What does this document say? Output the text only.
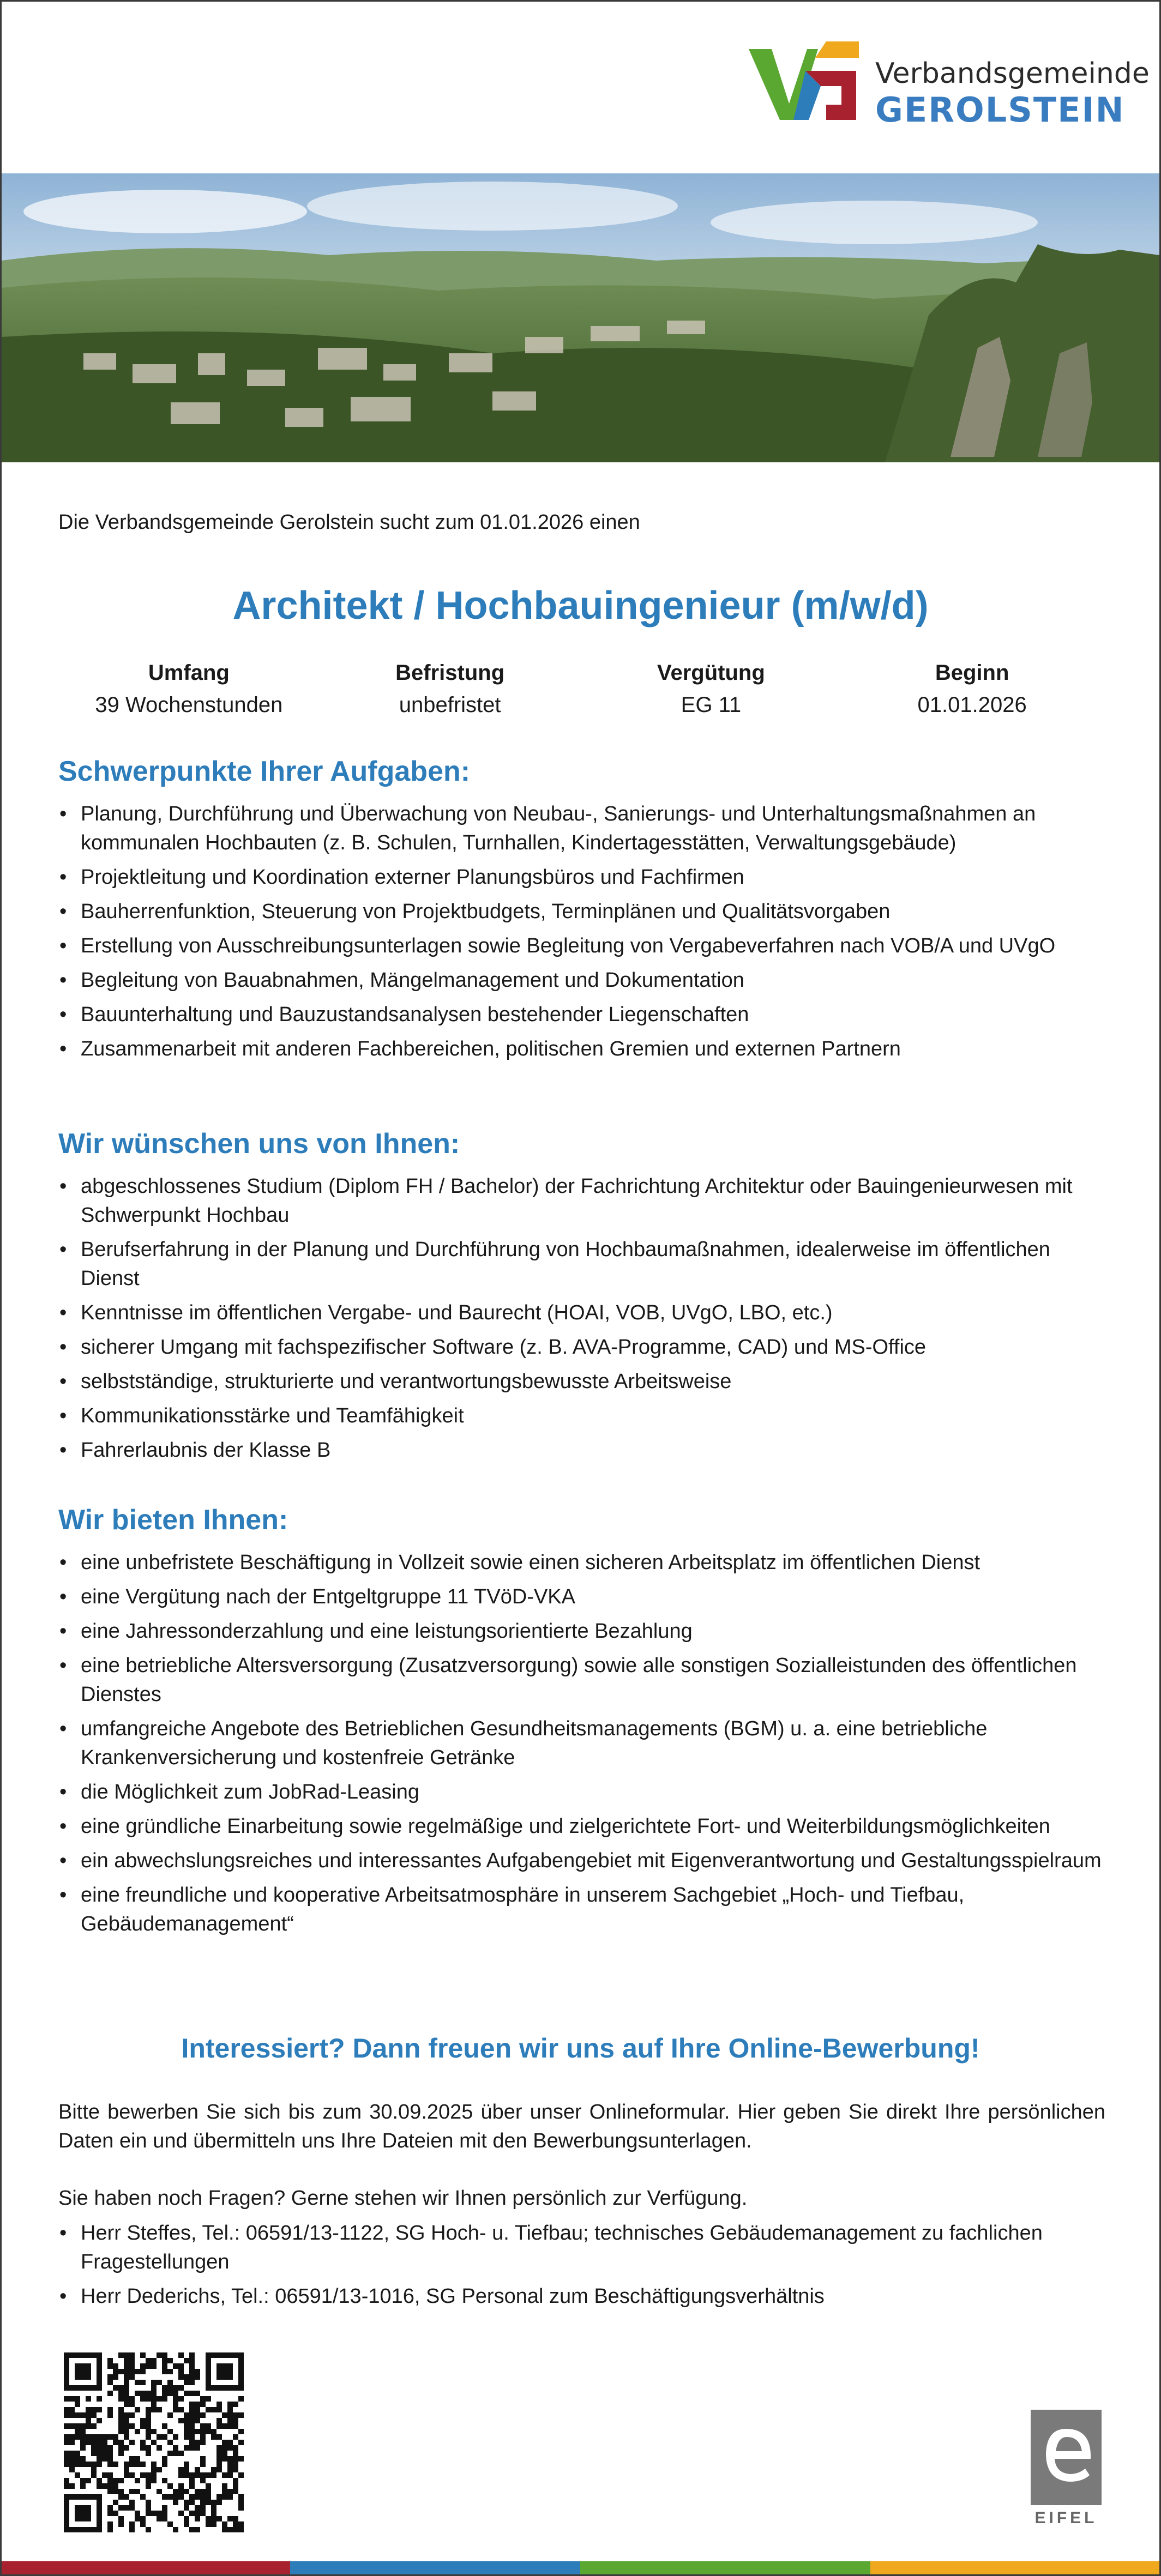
Verbandsgemeinde
GEROLSTEIN
Die Verbandsgemeinde Gerolstein sucht zum 01.01.2026 einen
Architekt / Hochbauingenieur (m/w/d)
Umfang
39 Wochenstunden
Befristung
unbefristet
Vergütung
EG 11
Beginn
01.01.2026
Schwerpunkte Ihrer Aufgaben:
• Planung, Durchführung und Überwachung von Neubau-, Sanierungs- und Unterhaltungsmaßnahmen an kommunalen Hochbauten (z. B. Schulen, Turnhallen, Kindertagesstätten, Verwaltungsgebäude)
• Projektleitung und Koordination externer Planungsbüros und Fachfirmen
• Bauherrenfunktion, Steuerung von Projektbudgets, Terminplänen und Qualitätsvorgaben
• Erstellung von Ausschreibungsunterlagen sowie Begleitung von Vergabeverfahren nach VOB/A und UVgO
• Begleitung von Bauabnahmen, Mängelmanagement und Dokumentation
• Bauunterhaltung und Bauzustandsanalysen bestehender Liegenschaften
• Zusammenarbeit mit anderen Fachbereichen, politischen Gremien und externen Partnern
Wir wünschen uns von Ihnen:
• abgeschlossenes Studium (Diplom FH / Bachelor) der Fachrichtung Architektur oder Bauingenieurwesen mit Schwerpunkt Hochbau
• Berufserfahrung in der Planung und Durchführung von Hochbaumaßnahmen, idealerweise im öffentlichen Dienst
• Kenntnisse im öffentlichen Vergabe- und Baurecht (HOAI, VOB, UVgO, LBO, etc.)
• sicherer Umgang mit fachspezifischer Software (z. B. AVA-Programme, CAD) und MS-Office
• selbstständige, strukturierte und verantwortungsbewusste Arbeitsweise
• Kommunikationsstärke und Teamfähigkeit
• Fahrerlaubnis der Klasse B
Wir bieten Ihnen:
• eine unbefristete Beschäftigung in Vollzeit sowie einen sicheren Arbeitsplatz im öffentlichen Dienst
• eine Vergütung nach der Entgeltgruppe 11 TVöD-VKA
• eine Jahressonderzahlung und eine leistungsorientierte Bezahlung
• eine betriebliche Altersversorgung (Zusatzversorgung) sowie alle sonstigen Sozialleistunden des öffentlichen Dienstes
• umfangreiche Angebote des Betrieblichen Gesundheitsmanagements (BGM) u. a. eine betriebliche Krankenversicherung und kostenfreie Getränke
• die Möglichkeit zum JobRad-Leasing
• eine gründliche Einarbeitung sowie regelmäßige und zielgerichtete Fort- und Weiterbildungsmöglichkeiten
• ein abwechslungsreiches und interessantes Aufgabengebiet mit Eigenverantwortung und Gestaltungsspielraum
• eine freundliche und kooperative Arbeitsatmosphäre in unserem Sachgebiet „Hoch- und Tiefbau, Gebäudemanagement“
Interessiert? Dann freuen wir uns auf Ihre Online-Bewerbung!

Bitte bewerben Sie sich bis zum 30.09.2025 über unser Onlineformular. Hier geben Sie direkt Ihre persönlichen Daten ein und übermitteln uns Ihre Dateien mit den Bewerbungsunterlagen.

Sie haben noch Fragen? Gerne stehen wir Ihnen persönlich zur Verfügung.

• Herr Steffes, Tel.: 06591/13-1122, SG Hoch- u. Tiefbau; technisches Gebäudemanagement zu fachlichen Fragestellungen
• Herr Dederichs, Tel.: 06591/13-1016, SG Personal zum Beschäftigungsverhältnis
EIFEL
